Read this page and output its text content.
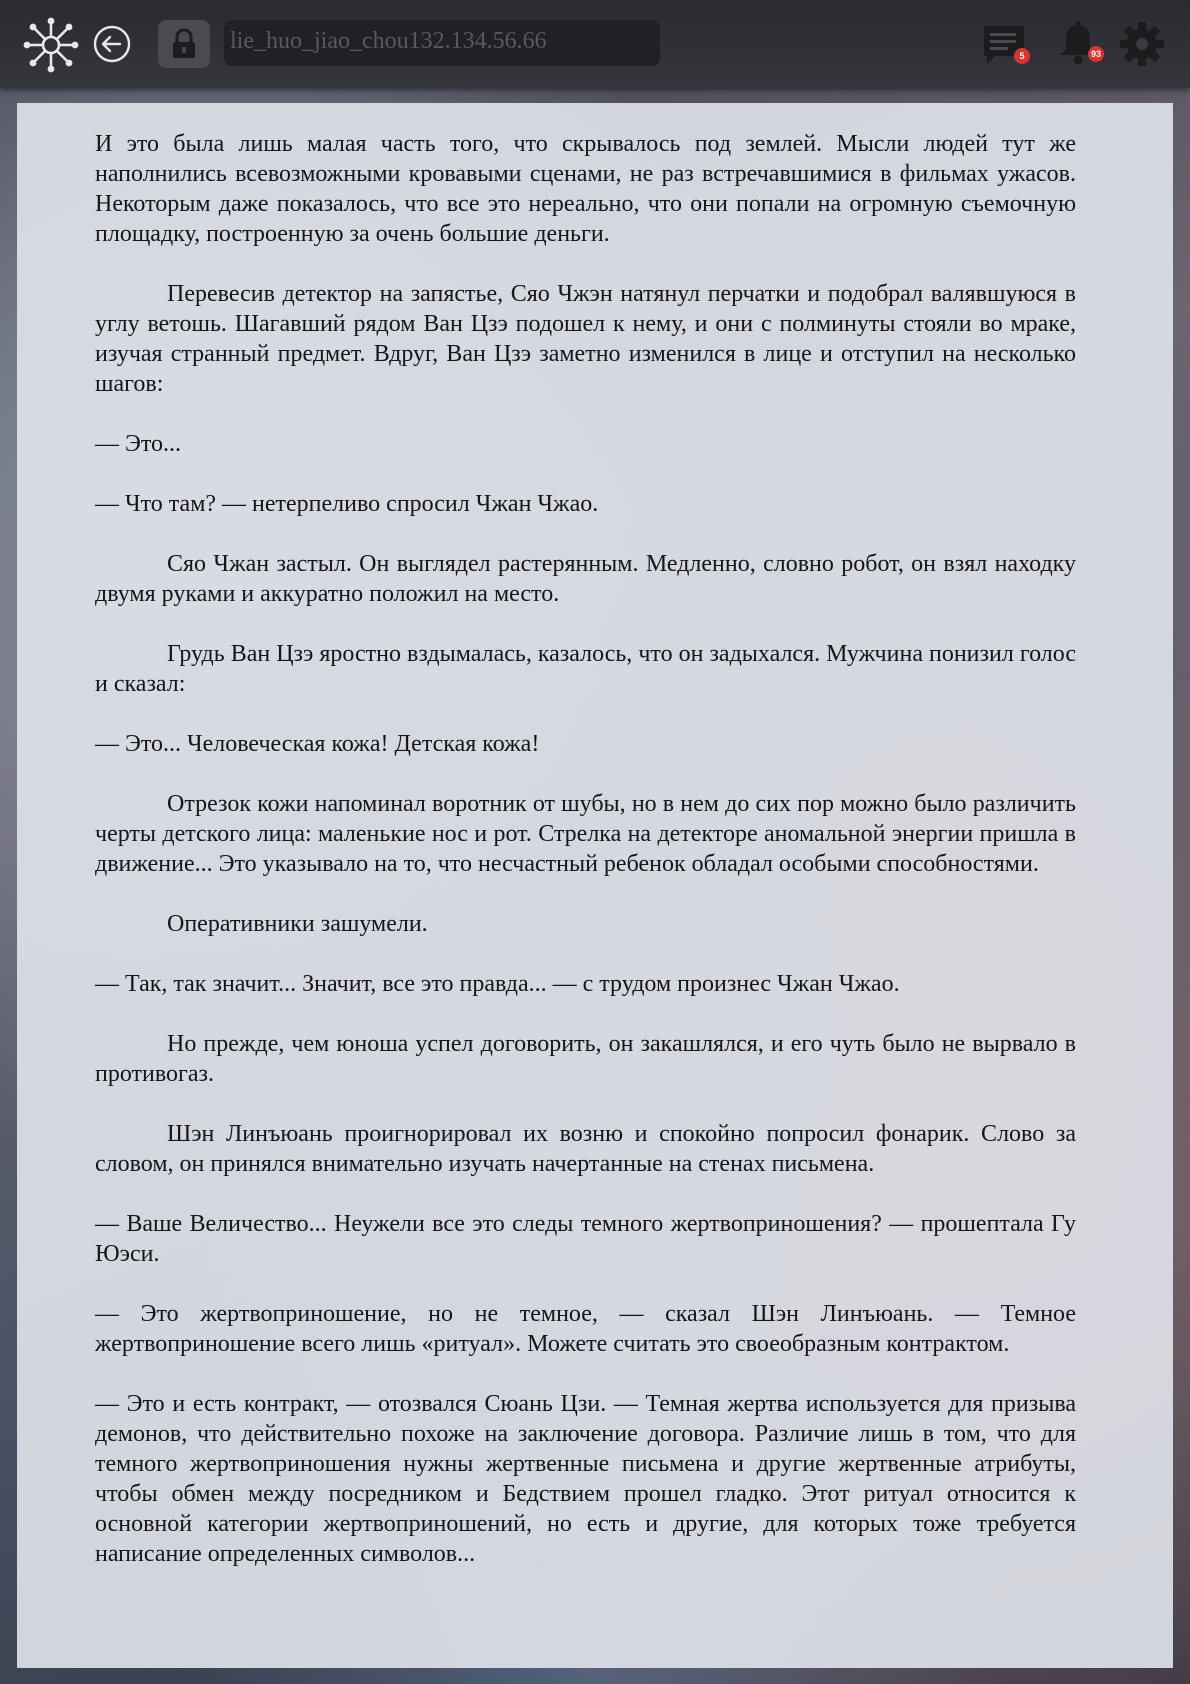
lie_huo_jiao_chou132.134.56.66
5	93

И это была лишь малая часть того, что скрывалось под землей. Мысли людей тут же наполнились всевозможными кровавыми сценами, не раз встречавшимися в фильмах ужасов. Некоторым даже показалось, что все это нереально, что они попали на огромную съемочную площадку, построенную за очень большие деньги.

Перевесив детектор на запястье, Сяо Чжэн натянул перчатки и подобрал валявшуюся в углу ветошь. Шагавший рядом Ван Цзэ подошел к нему, и они с полминуты стояли во мраке, изучая странный предмет. Вдруг, Ван Цзэ заметно изменился в лице и отступил на несколько шагов:

— Это...

— Что там? — нетерпеливо спросил Чжан Чжао.

Сяо Чжан застыл. Он выглядел растерянным. Медленно, словно робот, он взял находку двумя руками и аккуратно положил на место.

Грудь Ван Цзэ яростно вздымалась, казалось, что он задыхался. Мужчина понизил голос и сказал:

— Это... Человеческая кожа! Детская кожа!

Отрезок кожи напоминал воротник от шубы, но в нем до сих пор можно было различить черты детского лица: маленькие нос и рот. Стрелка на детекторе аномальной энергии пришла в движение... Это указывало на то, что несчастный ребенок обладал особыми способностями.

Оперативники зашумели.

— Так, так значит... Значит, все это правда... — с трудом произнес Чжан Чжао.

Но прежде, чем юноша успел договорить, он закашлялся, и его чуть было не вырвало в противогаз.

Шэн Линъюань проигнорировал их возню и спокойно попросил фонарик. Слово за словом, он принялся внимательно изучать начертанные на стенах письмена.

— Ваше Величество... Неужели все это следы темного жертвоприношения? — прошептала Гу Юэси.

— Это жертвоприношение, но не темное, — сказал Шэн Линъюань. — Темное жертвоприношение всего лишь «ритуал». Можете считать это своеобразным контрактом.

— Это и есть контракт, — отозвался Сюань Цзи. — Темная жертва используется для призыва демонов, что действительно похоже на заключение договора. Различие лишь в том, что для темного жертвоприношения нужны жертвенные письмена и другие жертвенные атрибуты, чтобы обмен между посредником и Бедствием прошел гладко. Этот ритуал относится к основной категории жертвоприношений, но есть и другие, для которых тоже требуется написание определенных символов...
